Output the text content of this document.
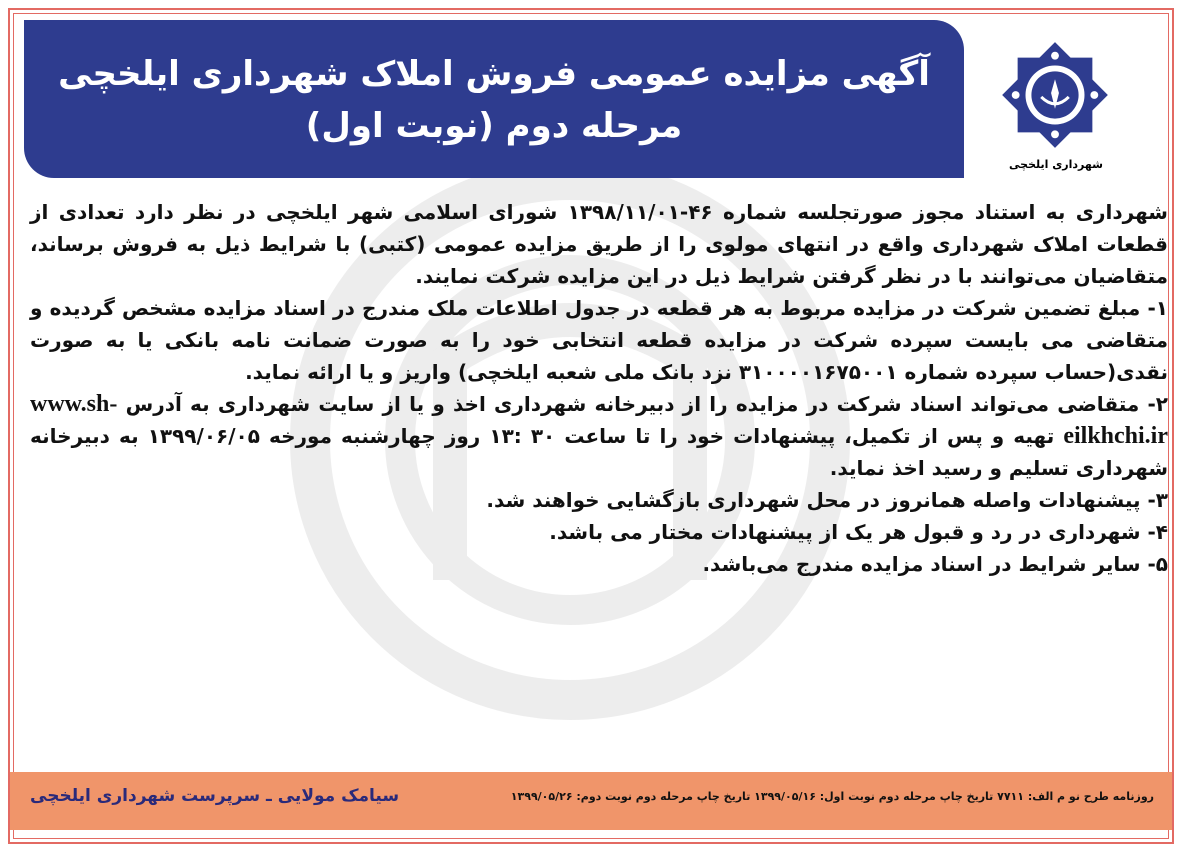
آگهی مزایده عمومی فروش املاک شهرداری ایلخچی
مرحله دوم (نوبت اول)
شهرداری ایلخچی

شهرداری به استناد مجوز صورتجلسه شماره ۴۶-۱۳۹۸/۱۱/۰۱ شورای اسلامی شهر ایلخچی در نظر دارد تعدادی از قطعات املاک شهرداری واقع در انتهای مولوی را از طریق مزایده عمومی (کتبی) با شرایط ذیل به فروش برساند، متقاضیان می‌توانند با در نظر گرفتن شرایط ذیل در این مزایده شرکت نمایند.

۱- مبلغ تضمین شرکت در مزایده مربوط به هر قطعه در جدول اطلاعات ملک مندرج در اسناد مزایده مشخص گردیده و متقاضی می بایست سپرده شرکت در مزایده قطعه انتخابی خود را به صورت ضمانت نامه بانکی یا به صورت نقدی(حساب سپرده شماره ۳۱۰۰۰۰۱۶۷۵۰۰۱ نزد بانک ملی شعبه ایلخچی) واریز و یا ارائه نماید.

۲- متقاضی می‌تواند اسناد شرکت در مزایده را از دبیرخانه شهرداری اخذ و یا از سایت شهرداری به آدرس www.sh-eilkhchi.ir تهیه و پس از تکمیل، پیشنهادات خود را تا ساعت ۳۰ :۱۳ روز چهارشنبه مورخه ۱۳۹۹/۰۶/۰۵ به دبیرخانه شهرداری تسلیم و رسید اخذ نماید.

۳- پیشنهادات واصله همانروز در محل شهرداری بازگشایی خواهند شد.

۴- شهرداری در رد و قبول هر یک از پیشنهادات مختار می باشد.

۵- سایر شرایط در اسناد مزایده مندرج می‌باشد.

سیامک مولایی ـ سرپرست شهرداری ایلخچی	روزنامه طرح نو م الف: ۷۷۱۱ تاریخ چاپ مرحله دوم نوبت اول: ۱۳۹۹/۰۵/۱۶ تاریخ چاپ مرحله دوم نوبت دوم: ۱۳۹۹/۰۵/۲۶
